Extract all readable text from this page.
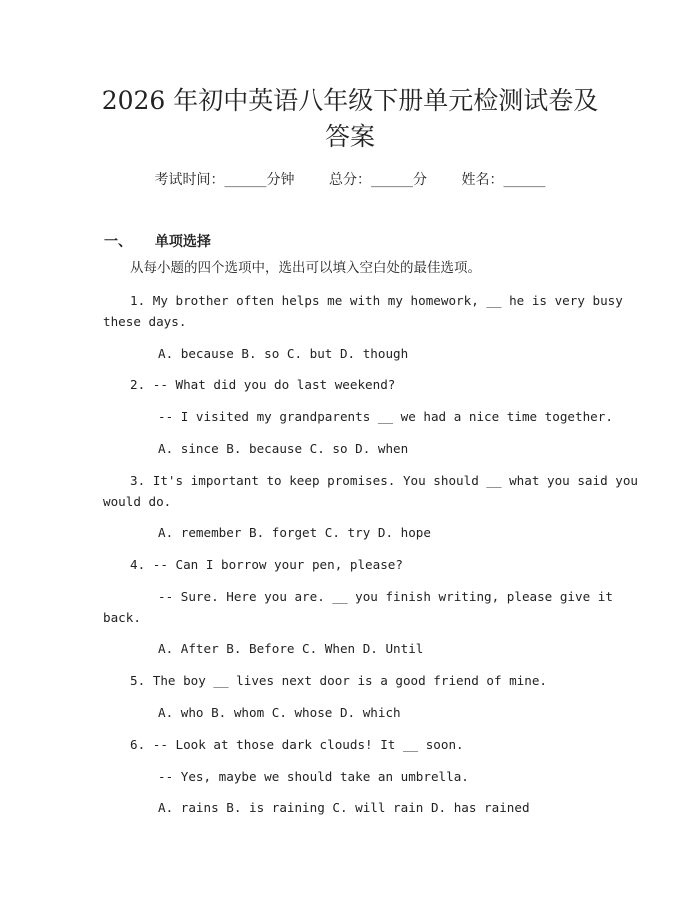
2026 年初中英语八年级下册单元检测试卷及
答案
考试时间：______分钟 总分：______分 姓名：______
一、 单项选择
从每小题的四个选项中，选出可以填入空白处的最佳选项。
1. My brother often helps me with my homework, __ he is very busy
these days.
A. because B. so C. but D. though
2. -- What did you do last weekend?
-- I visited my grandparents __ we had a nice time together.
A. since B. because C. so D. when
3. It's important to keep promises. You should __ what you said you
would do.
A. remember B. forget C. try D. hope
4. -- Can I borrow your pen, please?
-- Sure. Here you are. __ you finish writing, please give it
back.
A. After B. Before C. When D. Until
5. The boy __ lives next door is a good friend of mine.
A. who B. whom C. whose D. which
6. -- Look at those dark clouds! It __ soon.
-- Yes, maybe we should take an umbrella.
A. rains B. is raining C. will rain D. has rained
